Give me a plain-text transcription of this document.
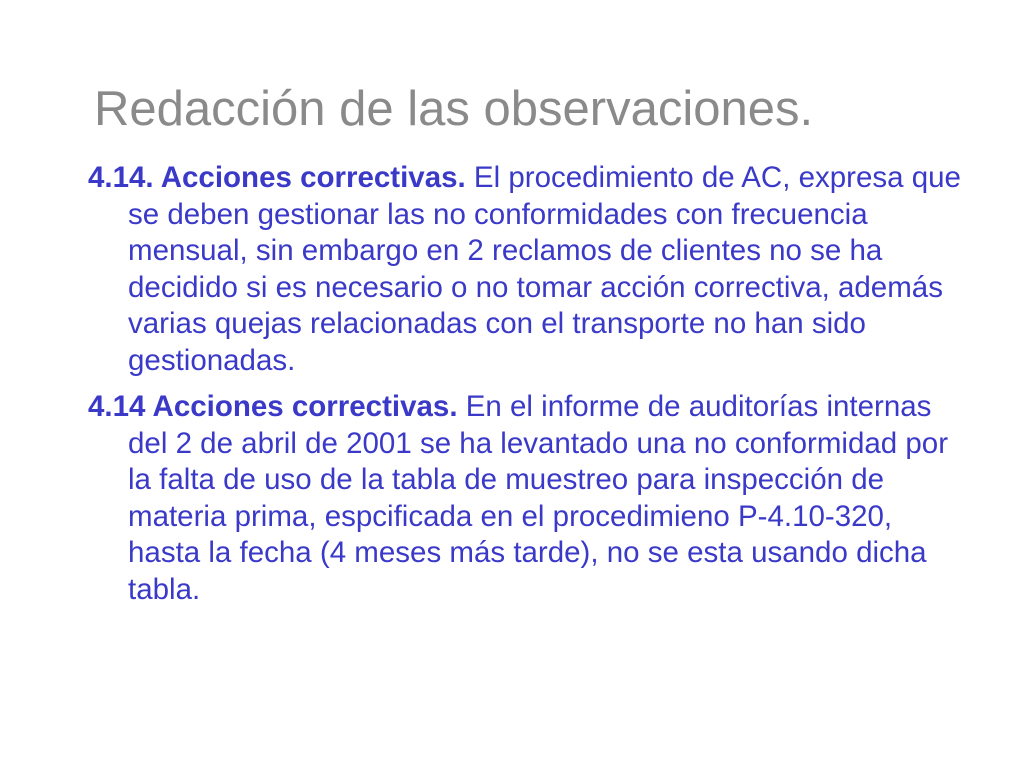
Redacción de las observaciones.
4.14. Acciones correctivas. El procedimiento de AC, expresa que se deben gestionar las no conformidades con frecuencia mensual, sin embargo en 2 reclamos de clientes no se ha decidido si es necesario o no tomar acción correctiva, además varias quejas relacionadas con el transporte no han sido gestionadas.
4.14 Acciones correctivas. En el informe de auditorías internas del 2 de abril de 2001 se ha levantado una no conformidad por la falta de uso de la tabla de muestreo para inspección de materia prima, espcificada en el procedimieno P-4.10-320, hasta la fecha (4 meses más tarde), no se esta usando dicha tabla.
